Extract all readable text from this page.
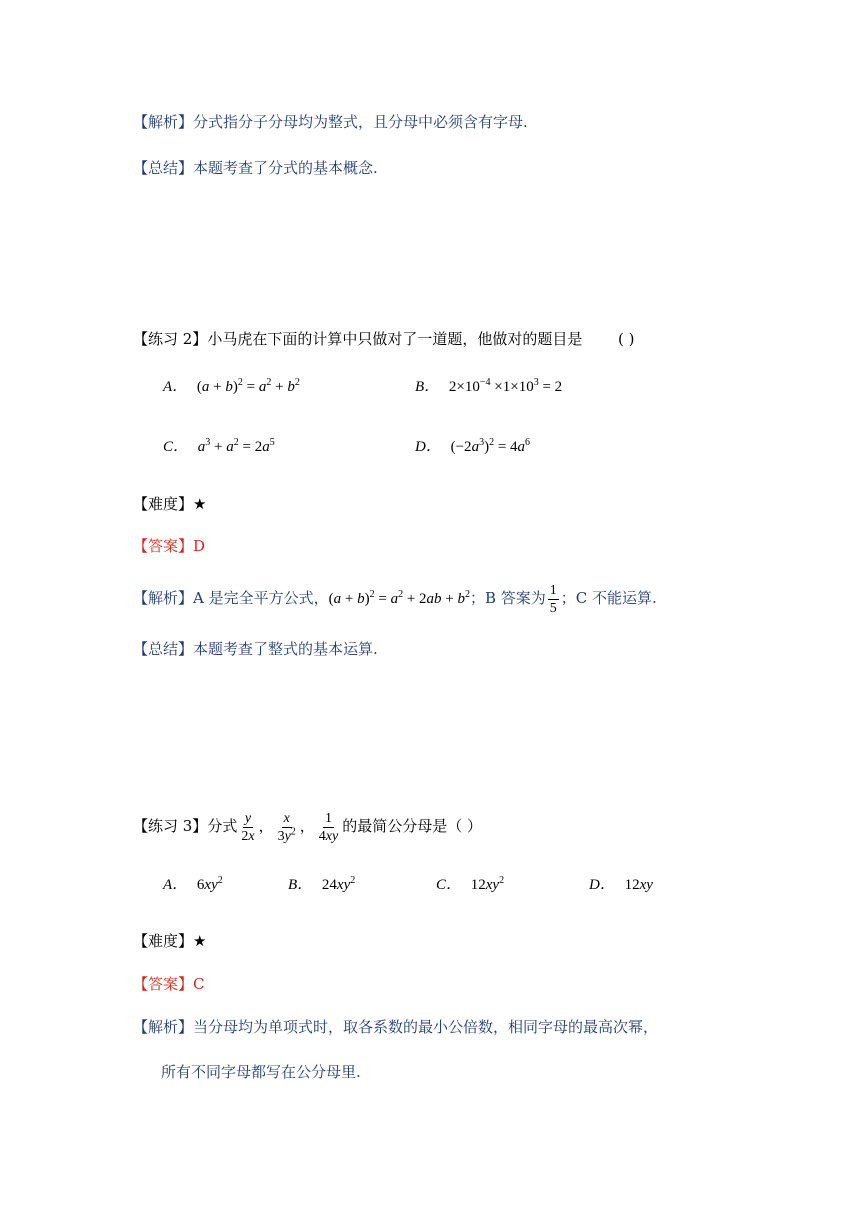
【解析】分式指分子分母均为整式，且分母中必须含有字母.
【总结】本题考查了分式的基本概念.
【练习 2】小马虎在下面的计算中只做对了一道题，他做对的题目是 ( )
A． $(a + b)^2 = a^2 + b^2$	B． $2\times 10^{-4} \times 1\times 10^3 = 2$
C． $a^3 + a^2 = 2a^5$	D． $(-2a^3)^2 = 4a^6$
【难度】★
【答案】D
【解析】A 是完全平方公式，$(a + b)^2 = a^2 + 2ab + b^2$；B 答案为 $\frac{1}{5}$ ；C 不能运算.
【总结】本题考查了整式的基本运算.
【练习 3】分式 $\frac{y}{2x}$ ， $\frac{x}{3y^2}$ ， $\frac{1}{4xy}$ 的最简公分母是（ ）
A． $6xy^2$	B． $24xy^2$	C． $12xy^2$	D． 12xy
【难度】★
【答案】C
【解析】当分母均为单项式时，取各系数的最小公倍数，相同字母的最高次幂，
所有不同字母都写在公分母里.
